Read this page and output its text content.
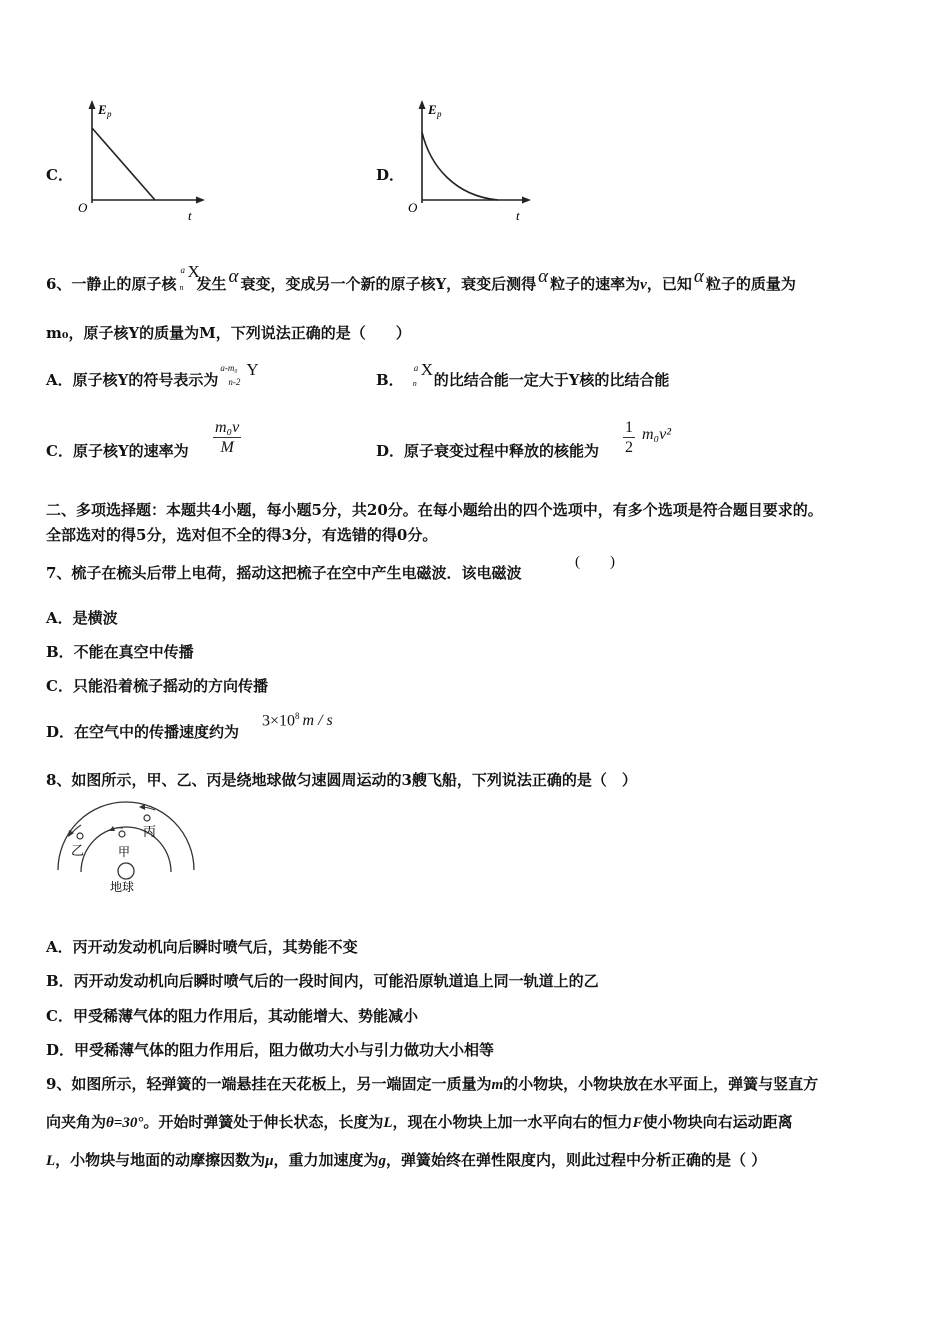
C．
E p
O
t
D．
E p
O
t
6、一静止的原子核
a
n
X
发生 α 衰变，变成另一个新的原子核Y，衰变后测得 α 粒子的速率为v，已知 α 粒子的质量为
m₀，原子核Y的质量为M，下列说法正确的是（　　）
A．原子核Y的符号表示为
a-m₀
n-2
Y
B．
a
n
X
的比结合能一定大于Y核的比结合能
C．原子核Y的速率为 $\frac{\text{m₀v}}{M}$	D．原子衰变过程中释放的核能为 $\frac{1}{2} m_0v^2$
二、多项选择题：本题共4小题，每小题5分，共20分。在每小题给出的四个选项中，有多个选项是符合题目要求的。
全部选对的得5分，选对但不全的得3分，有选错的得0分。
7、梳子在梳头后带上电荷，摇动这把梳子在空中产生电磁波．该电磁波
(　　)
A．是横波
B．不能在真空中传播
C．只能沿着梳子摇动的方向传播
D．在空气中的传播速度约为
$3\times 10^8$ m / s
8、如图所示，甲、乙、丙是绕地球做匀速圆周运动的3艘飞船，下列说法正确的是（　）
丙
甲
乙
地球
A．丙开动发动机向后瞬时喷气后，其势能不变
B．丙开动发动机向后瞬时喷气后的一段时间内，可能沿原轨道追上同一轨道上的乙
C．甲受稀薄气体的阻力作用后，其动能增大、势能减小
D．甲受稀薄气体的阻力作用后，阻力做功大小与引力做功大小相等
9、如图所示，轻弹簧的一端悬挂在天花板上，另一端固定一质量为m的小物块，小物块放在水平面上，弹簧与竖直方
向夹角为θ=30°。开始时弹簧处于伸长状态，长度为L，现在小物块上加一水平向右的恒力F使小物块向右运动距离
L，小物块与地面的动摩擦因数为μ，重力加速度为g，弹簧始终在弹性限度内，则此过程中分析正确的是（ ）
